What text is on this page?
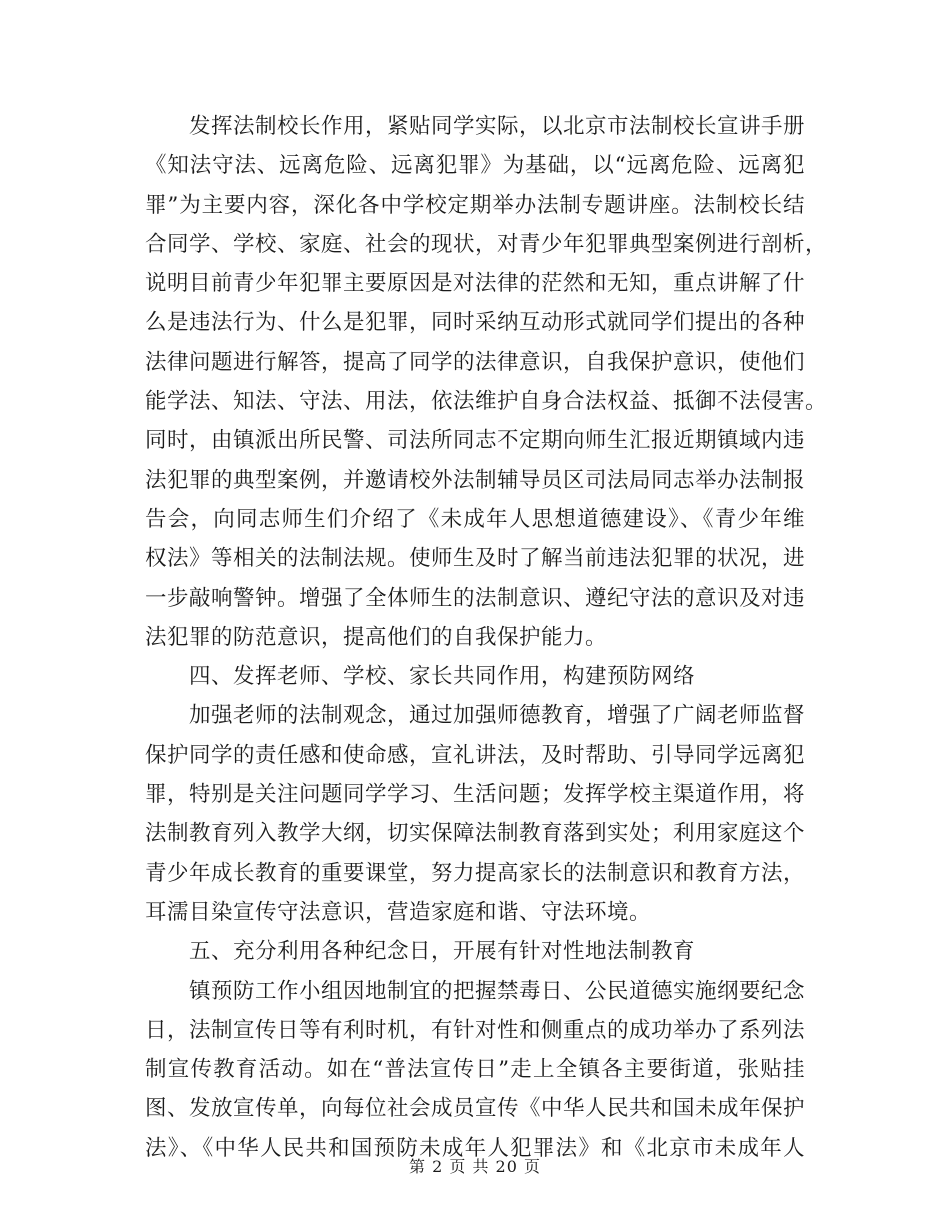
发挥法制校长作用，紧贴同学实际，以北京市法制校长宣讲手册
《知法守法、远离危险、远离犯罪》为基础，以“远离危险、远离犯
罪”为主要内容，深化各中学校定期举办法制专题讲座。法制校长结
合同学、学校、家庭、社会的现状，对青少年犯罪典型案例进行剖析，
说明目前青少年犯罪主要原因是对法律的茫然和无知，重点讲解了什
么是违法行为、什么是犯罪，同时采纳互动形式就同学们提出的各种
法律问题进行解答，提高了同学的法律意识，自我保护意识，使他们
能学法、知法、守法、用法，依法维护自身合法权益、抵御不法侵害。
同时，由镇派出所民警、司法所同志不定期向师生汇报近期镇域内违
法犯罪的典型案例，并邀请校外法制辅导员区司法局同志举办法制报
告会，向同志师生们介绍了《未成年人思想道德建设》、《青少年维
权法》等相关的法制法规。使师生及时了解当前违法犯罪的状况，进
一步敲响警钟。增强了全体师生的法制意识、遵纪守法的意识及对违
法犯罪的防范意识，提高他们的自我保护能力。
四、发挥老师、学校、家长共同作用，构建预防网络
加强老师的法制观念，通过加强师德教育，增强了广阔老师监督
保护同学的责任感和使命感，宣礼讲法，及时帮助、引导同学远离犯
罪，特别是关注问题同学学习、生活问题；发挥学校主渠道作用，将
法制教育列入教学大纲，切实保障法制教育落到实处；利用家庭这个
青少年成长教育的重要课堂，努力提高家长的法制意识和教育方法，
耳濡目染宣传守法意识，营造家庭和谐、守法环境。
五、充分利用各种纪念日，开展有针对性地法制教育
镇预防工作小组因地制宜的把握禁毒日、公民道德实施纲要纪念
日，法制宣传日等有利时机，有针对性和侧重点的成功举办了系列法
制宣传教育活动。如在“普法宣传日”走上全镇各主要街道，张贴挂
图、发放宣传单，向每位社会成员宣传《中华人民共和国未成年保护
法》、《中华人民共和国预防未成年人犯罪法》和《北京市未成年人
第 2 页 共 20 页
